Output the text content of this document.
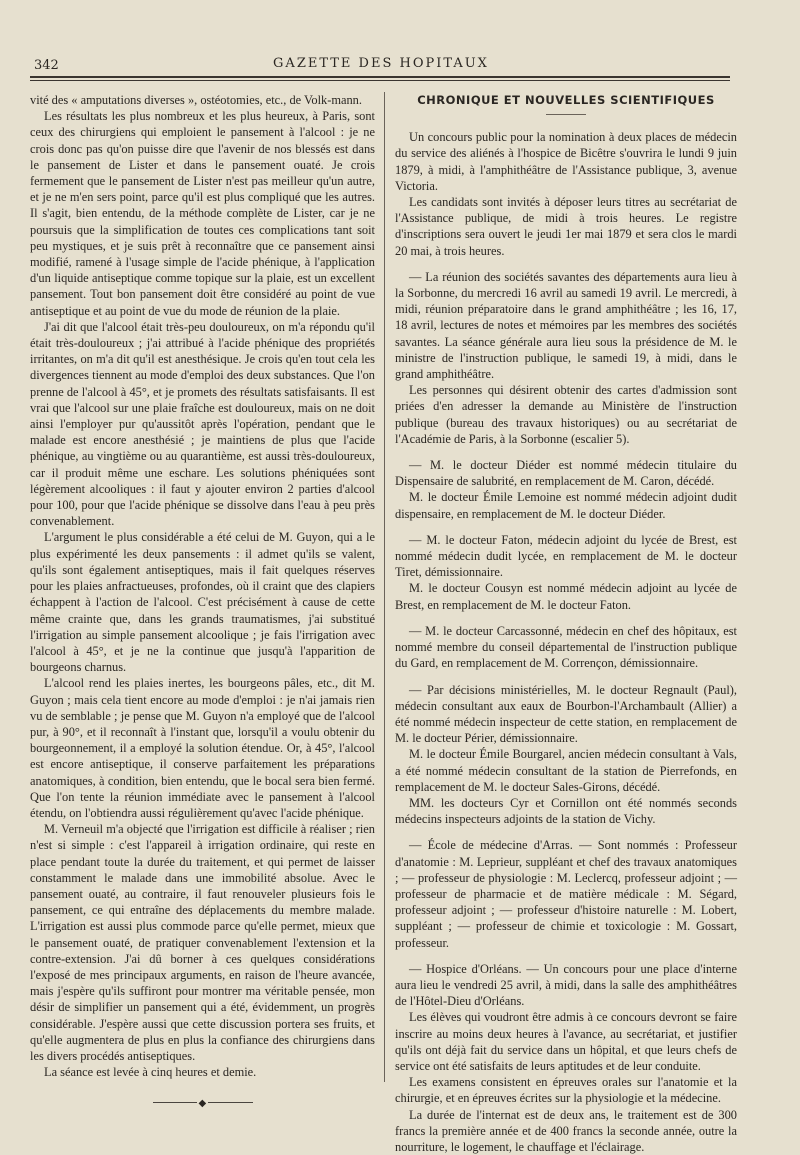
342	GAZETTE DES HOPITAUX

vité des « amputations diverses », ostéotomies, etc., de Volk-mann.

Les résultats les plus nombreux et les plus heureux, à Paris, sont ceux des chirurgiens qui emploient le pansement à l'alcool : je ne crois donc pas qu'on puisse dire que l'avenir de nos blessés est dans le pansement de Lister et dans le pansement ouaté. Je crois fermement que le pansement de Lister n'est pas meilleur qu'un autre, et je ne m'en sers point, parce qu'il est plus compliqué que les autres. Il s'agit, bien entendu, de la méthode complète de Lister, car je ne poursuis que la simplification de toutes ces complications tant soit peu mystiques, et je suis prêt à reconnaître que ce pansement ainsi modifié, ramené à l'usage simple de l'acide phénique, à l'application d'un liquide antiseptique comme topique sur la plaie, est un excellent pansement. Tout bon pansement doit être considéré au point de vue antiseptique et au point de vue du mode de réunion de la plaie.

J'ai dit que l'alcool était très-peu douloureux, on m'a répondu qu'il était très-douloureux ; j'ai attribué à l'acide phénique des propriétés irritantes, on m'a dit qu'il est anesthésique. Je crois qu'en tout cela les divergences tiennent au mode d'emploi des deux substances. Que l'on prenne de l'alcool à 45°, et je promets des résultats satisfaisants. Il est vrai que l'alcool sur une plaie fraîche est douloureux, mais on ne doit ainsi l'employer pur qu'aussitôt après l'opération, pendant que le malade est encore anesthésié ; je maintiens de plus que l'acide phénique, au vingtième ou au quarantième, est aussi très-douloureux, car il produit même une eschare. Les solutions phéniquées sont légèrement alcooliques : il faut y ajouter environ 2 parties d'alcool pour 100, pour que l'acide phénique se dissolve dans l'eau à peu près convenablement.

L'argument le plus considérable a été celui de M. Guyon, qui a le plus expérimenté les deux pansements : il admet qu'ils se valent, qu'ils sont également antiseptiques, mais il fait quelques réserves pour les plaies anfractueuses, profondes, où il craint que des clapiers échappent à l'action de l'alcool. C'est précisément à cause de cette même crainte que, dans les grands traumatismes, j'ai substitué l'irrigation au simple pansement alcoolique ; je fais l'irrigation avec l'alcool à 45°, et je ne la continue que jusqu'à l'apparition de bourgeons charnus.

L'alcool rend les plaies inertes, les bourgeons pâles, etc., dit M. Guyon ; mais cela tient encore au mode d'emploi : je n'ai jamais rien vu de semblable ; je pense que M. Guyon n'a employé que de l'alcool pur, à 90°, et il reconnaît à l'instant que, lorsqu'il a voulu obtenir du bourgeonnement, il a employé la solution étendue. Or, à 45°, l'alcool est encore antiseptique, il conserve parfaitement les préparations anatomiques, à condition, bien entendu, que le bocal sera bien fermé. Que l'on tente la réunion immédiate avec le pansement à l'alcool étendu, on l'obtiendra aussi régulièrement qu'avec l'acide phénique.

M. Verneuil m'a objecté que l'irrigation est difficile à réaliser ; rien n'est si simple : c'est l'appareil à irrigation ordinaire, qui reste en place pendant toute la durée du traitement, et qui permet de laisser constamment le malade dans une immobilité absolue. Avec le pansement ouaté, au contraire, il faut renouveler plusieurs fois le pansement, ce qui entraîne des déplacements du membre malade. L'irrigation est aussi plus commode parce qu'elle permet, mieux que le pansement ouaté, de pratiquer convenablement l'extension et la contre-extension. J'ai dû borner à ces quelques considérations l'exposé de mes principaux arguments, en raison de l'heure avancée, mais j'espère qu'ils suffiront pour montrer ma véritable pensée, mon désir de simplifier un pansement qui a été, évidemment, un progrès considérable. J'espère aussi que cette discussion portera ses fruits, et qu'elle augmentera de plus en plus la confiance des chirurgiens dans les divers procédés antiseptiques.

La séance est levée à cinq heures et demie.

◆
CHRONIQUE ET NOUVELLES SCIENTIFIQUES

Un concours public pour la nomination à deux places de médecin du service des aliénés à l'hospice de Bicêtre s'ouvrira le lundi 9 juin 1879, à midi, à l'amphithéâtre de l'Assistance publique, 3, avenue Victoria.

Les candidats sont invités à déposer leurs titres au secrétariat de l'Assistance publique, de midi à trois heures. Le registre d'inscriptions sera ouvert le jeudi 1er mai 1879 et sera clos le mardi 20 mai, à trois heures.

— La réunion des sociétés savantes des départements aura lieu à la Sorbonne, du mercredi 16 avril au samedi 19 avril. Le mercredi, à midi, réunion préparatoire dans le grand amphithéâtre ; les 16, 17, 18 avril, lectures de notes et mémoires par les membres des sociétés savantes. La séance générale aura lieu sous la présidence de M. le ministre de l'instruction publique, le samedi 19, à midi, dans le grand amphithéâtre.

Les personnes qui désirent obtenir des cartes d'admission sont priées d'en adresser la demande au Ministère de l'instruction publique (bureau des travaux historiques) ou au secrétariat de l'Académie de Paris, à la Sorbonne (escalier 5).

— M. le docteur Diéder est nommé médecin titulaire du Dispensaire de salubrité, en remplacement de M. Caron, décédé.

M. le docteur Émile Lemoine est nommé médecin adjoint dudit dispensaire, en remplacement de M. le docteur Diéder.

— M. le docteur Faton, médecin adjoint du lycée de Brest, est nommé médecin dudit lycée, en remplacement de M. le docteur Tiret, démissionnaire.

M. le docteur Cousyn est nommé médecin adjoint au lycée de Brest, en remplacement de M. le docteur Faton.

— M. le docteur Carcassonné, médecin en chef des hôpitaux, est nommé membre du conseil départemental de l'instruction publique du Gard, en remplacement de M. Corrençon, démissionnaire.

— Par décisions ministérielles, M. le docteur Regnault (Paul), médecin consultant aux eaux de Bourbon-l'Archambault (Allier) a été nommé médecin inspecteur de cette station, en remplacement de M. le docteur Périer, démissionnaire.

M. le docteur Émile Bourgarel, ancien médecin consultant à Vals, a été nommé médecin consultant de la station de Pierrefonds, en remplacement de M. le docteur Sales-Girons, décédé.

MM. les docteurs Cyr et Cornillon ont été nommés seconds médecins inspecteurs adjoints de la station de Vichy.

— École de médecine d'Arras. — Sont nommés : Professeur d'anatomie : M. Leprieur, suppléant et chef des travaux anatomiques ; — professeur de physiologie : M. Leclercq, professeur adjoint ; — professeur de pharmacie et de matière médicale : M. Ségard, professeur adjoint ; — professeur d'histoire naturelle : M. Lobert, suppléant ; — professeur de chimie et toxicologie : M. Gossart, professeur.

— Hospice d'Orléans. — Un concours pour une place d'interne aura lieu le vendredi 25 avril, à midi, dans la salle des amphithéâtres de l'Hôtel-Dieu d'Orléans.

Les élèves qui voudront être admis à ce concours devront se faire inscrire au moins deux heures à l'avance, au secrétariat, et justifier qu'ils ont déjà fait du service dans un hôpital, et que leurs chefs de service ont été satisfaits de leurs aptitudes et de leur conduite.

Les examens consistent en épreuves orales sur l'anatomie et la chirurgie, et en épreuves écrites sur la physiologie et la médecine.

La durée de l'internat est de deux ans, le traitement est de 300 francs la première année et de 400 francs la seconde année, outre la nourriture, le logement, le chauffage et l'éclairage.
